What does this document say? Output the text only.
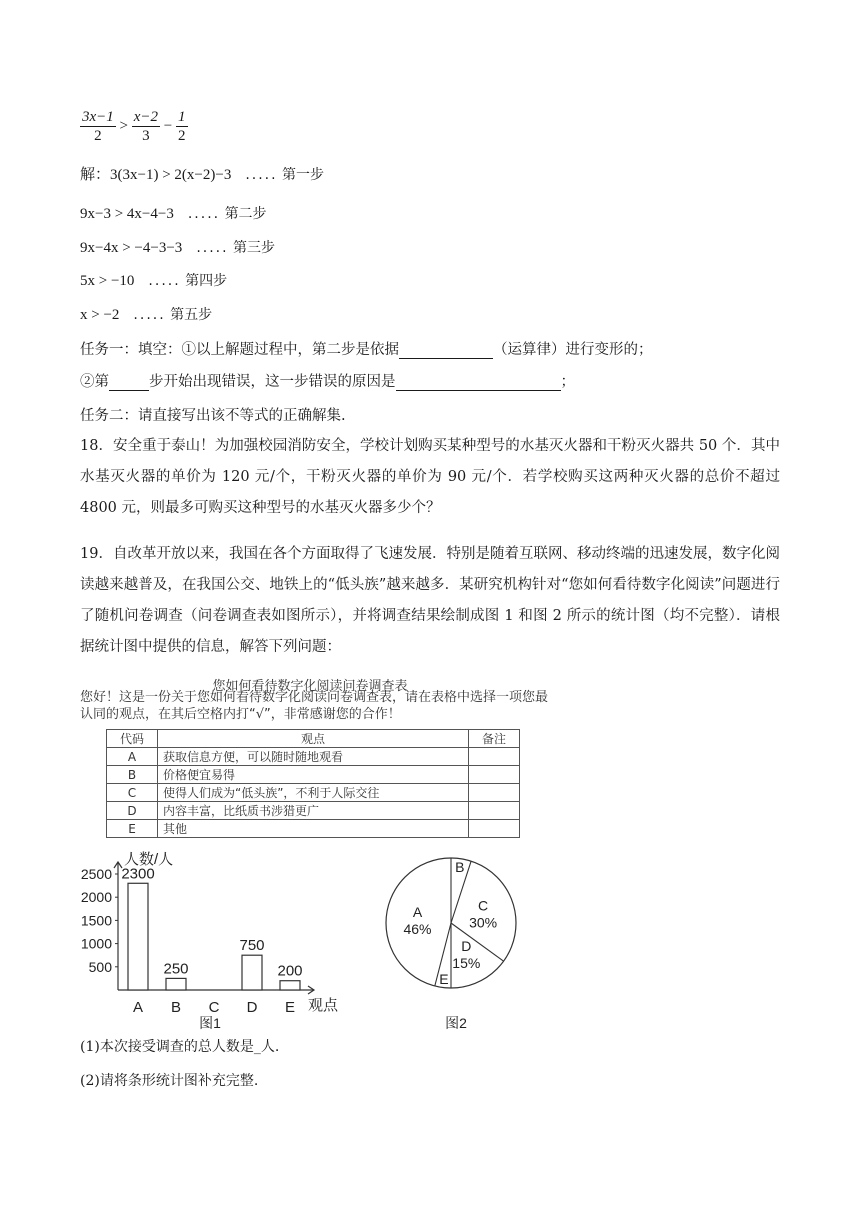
$\frac{3x-1}{2} > \frac{x-2}{3} - \frac{1}{2}$
解：3(3x−1) > 2(x−2)−3 ..... 第一步
9x−3 > 4x−4−3 ..... 第二步
9x−4x > −4−3−3 ..... 第三步
5x > −10 ..... 第四步
x > −2 ..... 第五步
任务一：填空：①以上解题过程中，第二步是依据	（运算律）进行变形的；
②第	步开始出现错误，这一步错误的原因是	；
任务二：请直接写出该不等式的正确解集.
18．安全重于泰山！为加强校园消防安全，学校计划购买某种型号的水基灭火器和干粉灭火器共 50 个．其中水基灭火器的单价为 120 元/个，干粉灭火器的单价为 90 元/个．若学校购买这两种灭火器的总价不超过 4800 元，则最多可购买这种型号的水基灭火器多少个？
19．自改革开放以来，我国在各个方面取得了飞速发展．特别是随着互联网、移动终端的迅速发展，数字化阅读越来越普及，在我国公交、地铁上的“低头族”越来越多．某研究机构针对“您如何看待数字化阅读”问题进行了随机问卷调查（问卷调查表如图所示），并将调查结果绘制成图 1 和图 2 所示的统计图（均不完整）．请根据统计图中提供的信息，解答下列问题：
您如何看待数字化阅读问卷调查表
您好！这是一份关于您如何看待数字化阅读问卷调查表，请在表格中选择一项您最认同的观点，在其后空格内打“√”，非常感谢您的合作！
代码	观点	备注
A	获取信息方便，可以随时随地观看	
B	价格便宜易得	
C	使得人们成为“低头族”，不利于人际交往	
D	内容丰富，比纸质书涉猎更广	
E	其他	
人数/人
观点
500
1000
1500
2000
2500 2300
A
250
B C
750
D
200
E
图1
B
C
30%
D
15%
E
A
46%
图2
(1)本次接受调查的总人数是_人.
(2)请将条形统计图补充完整.
